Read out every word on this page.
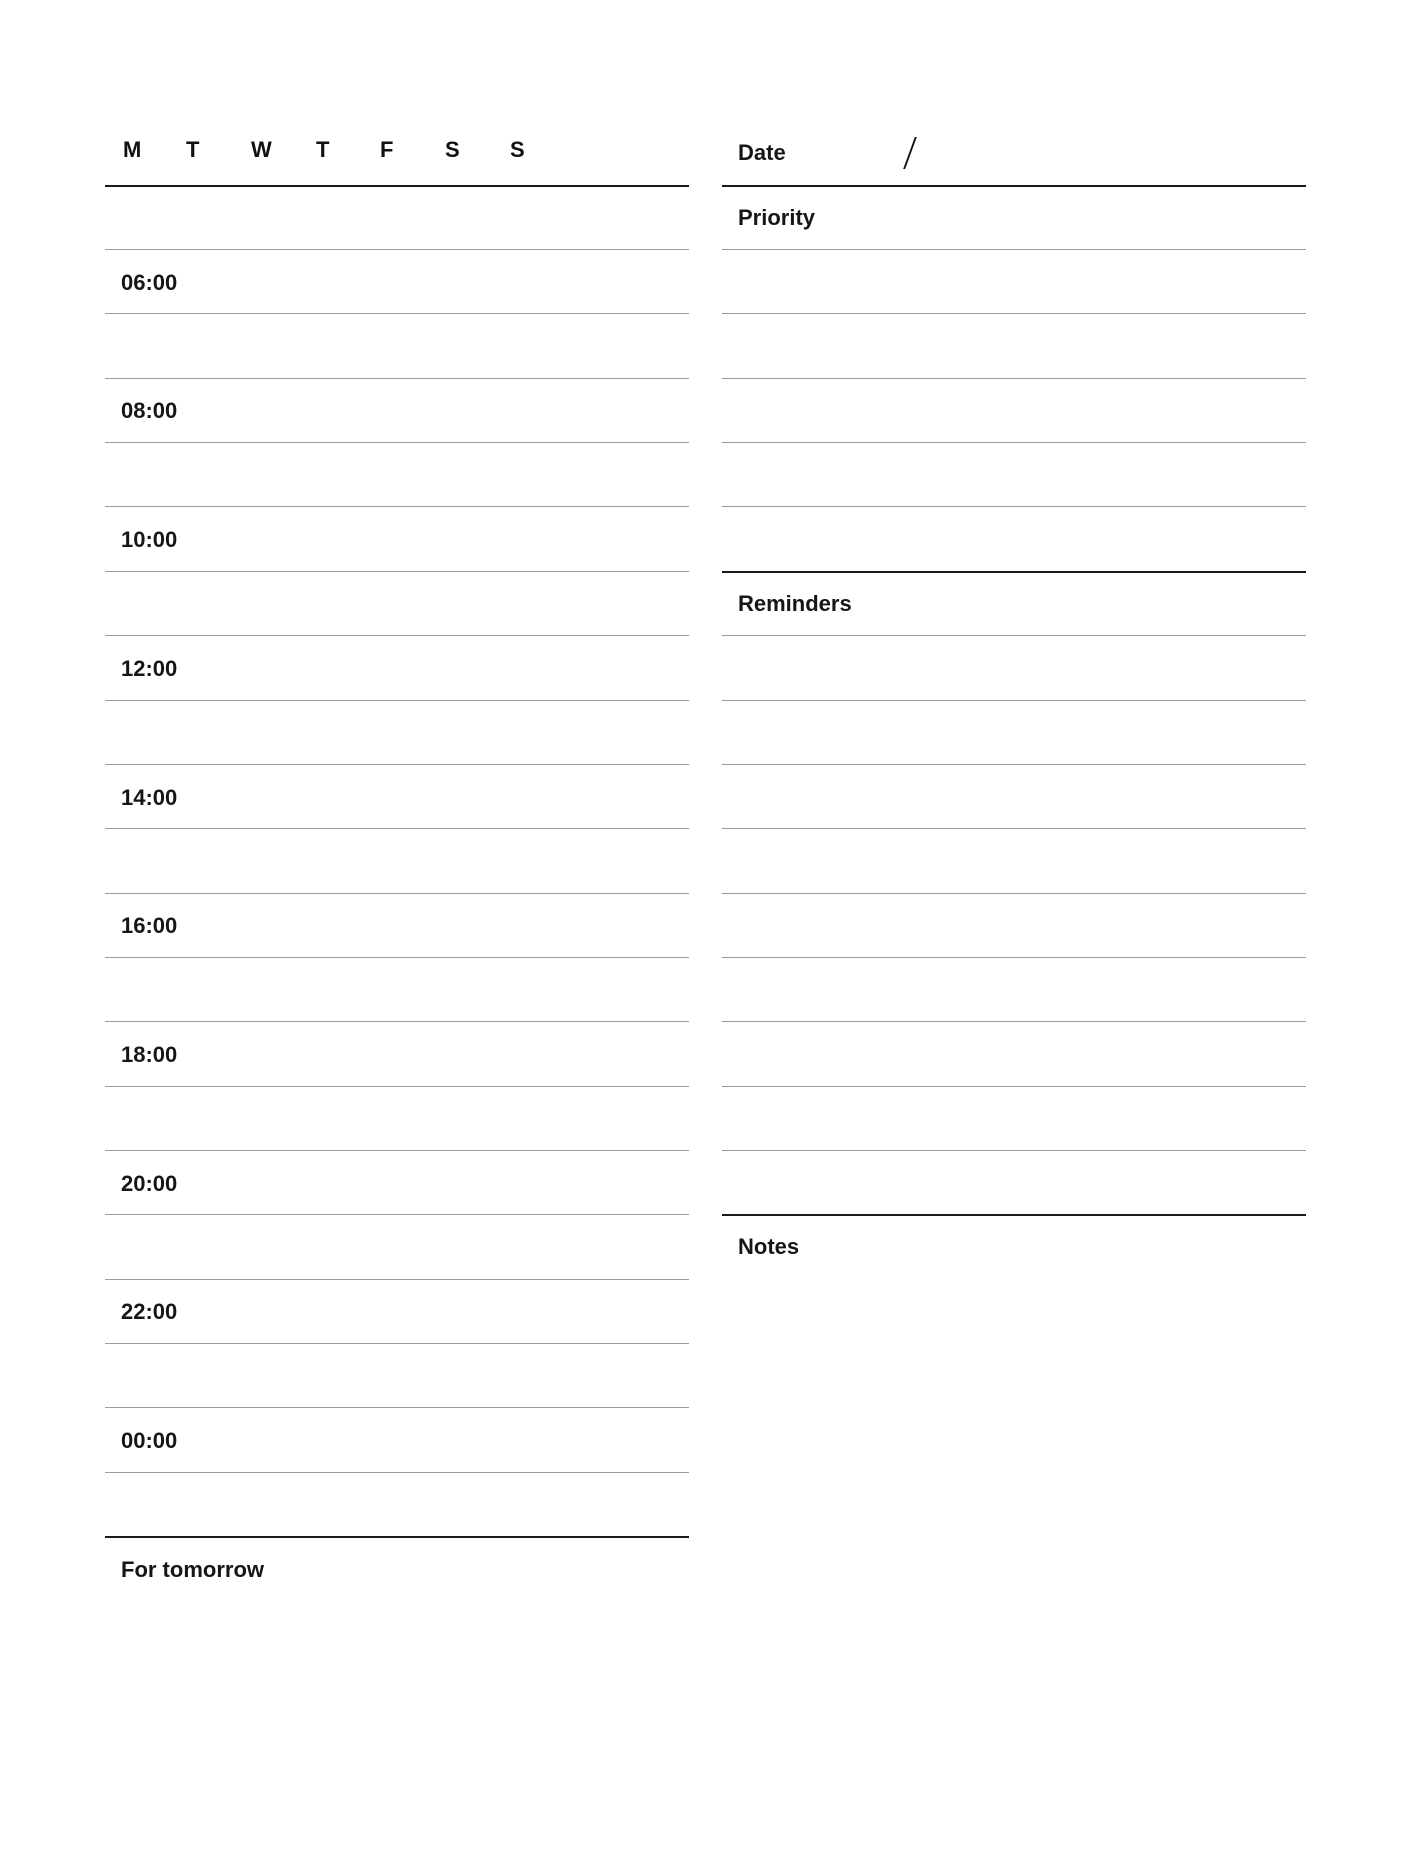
M T W T F S S	Date
06:00
08:00
10:00
12:00
14:00
16:00
18:00
20:00
22:00
00:00
For tomorrow
Priority
Reminders
Notes
